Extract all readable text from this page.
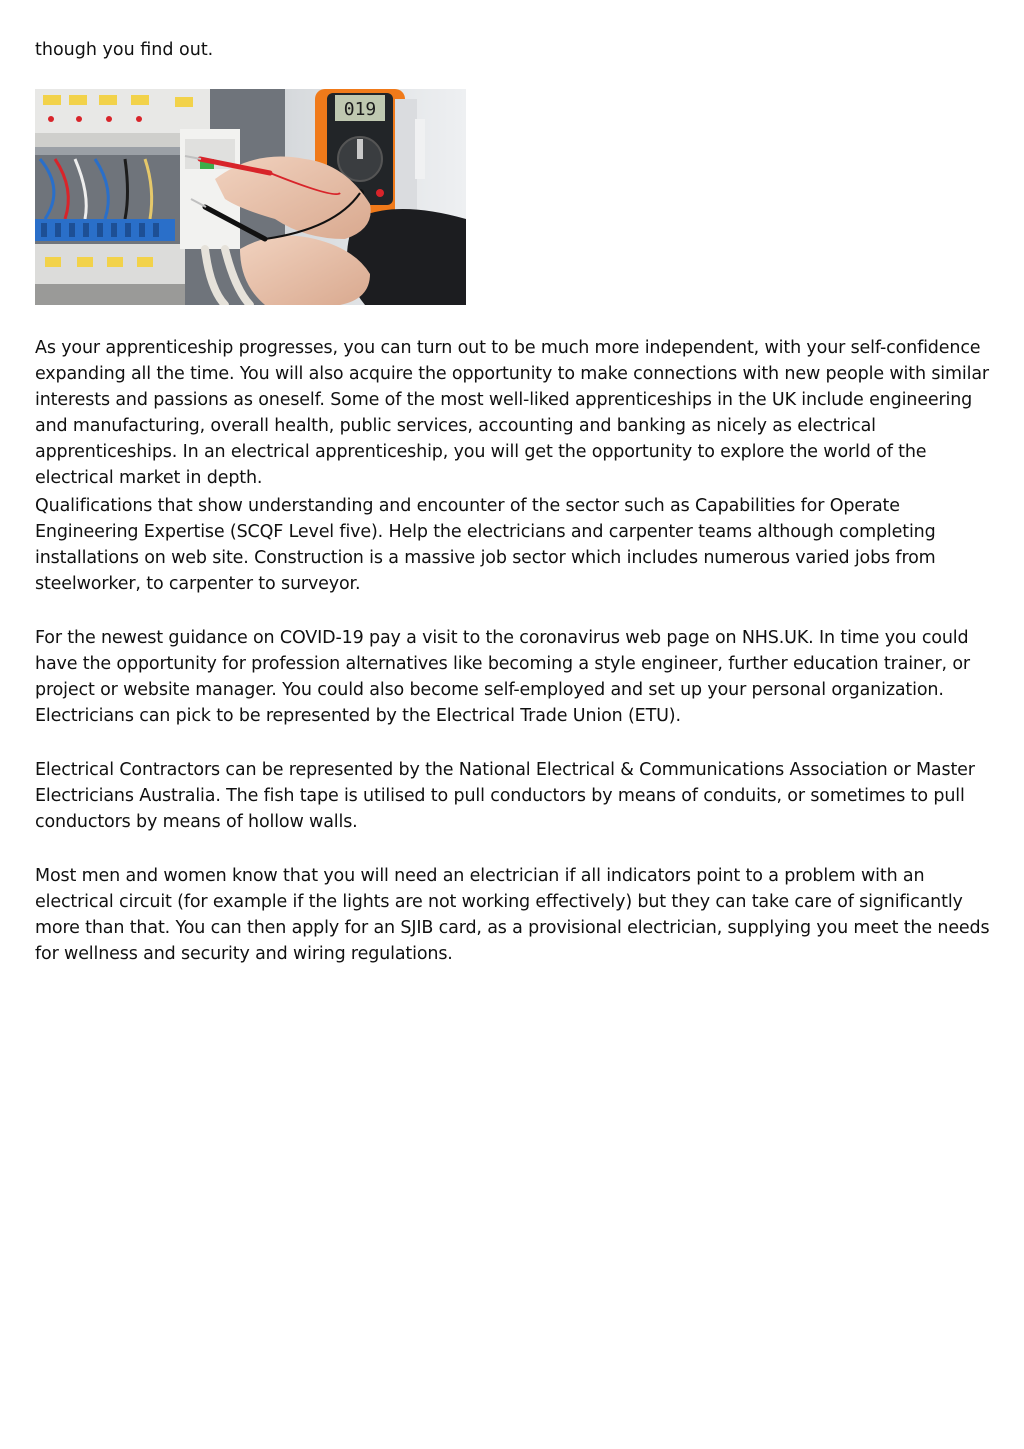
though you find out.

019

As your apprenticeship progresses, you can turn out to be much more independent, with your self-confidence expanding all the time. You will also acquire the opportunity to make connections with new people with similar interests and passions as oneself. Some of the most well-liked apprenticeships in the UK include engineering and manufacturing, overall health, public services, accounting and banking as nicely as electrical apprenticeships. In an electrical apprenticeship, you will get the opportunity to explore the world of the electrical market in depth.

Qualifications that show understanding and encounter of the sector such as Capabilities for Operate Engineering Expertise (SCQF Level five). Help the electricians and carpenter teams although completing installations on web site. Construction is a massive job sector which includes numerous varied jobs from steelworker, to carpenter to surveyor.

For the newest guidance on COVID-19 pay a visit to the coronavirus web page on NHS.UK. In time you could have the opportunity for profession alternatives like becoming a style engineer, further education trainer, or project or website manager. You could also become self-employed and set up your personal organization. Electricians can pick to be represented by the Electrical Trade Union (ETU).

Electrical Contractors can be represented by the National Electrical & Communications Association or Master Electricians Australia. The fish tape is utilised to pull conductors by means of conduits, or sometimes to pull conductors by means of hollow walls.

Most men and women know that you will need an electrician if all indicators point to a problem with an electrical circuit (for example if the lights are not working effectively) but they can take care of significantly more than that. You can then apply for an SJIB card, as a provisional electrician, supplying you meet the needs for wellness and security and wiring regulations.
